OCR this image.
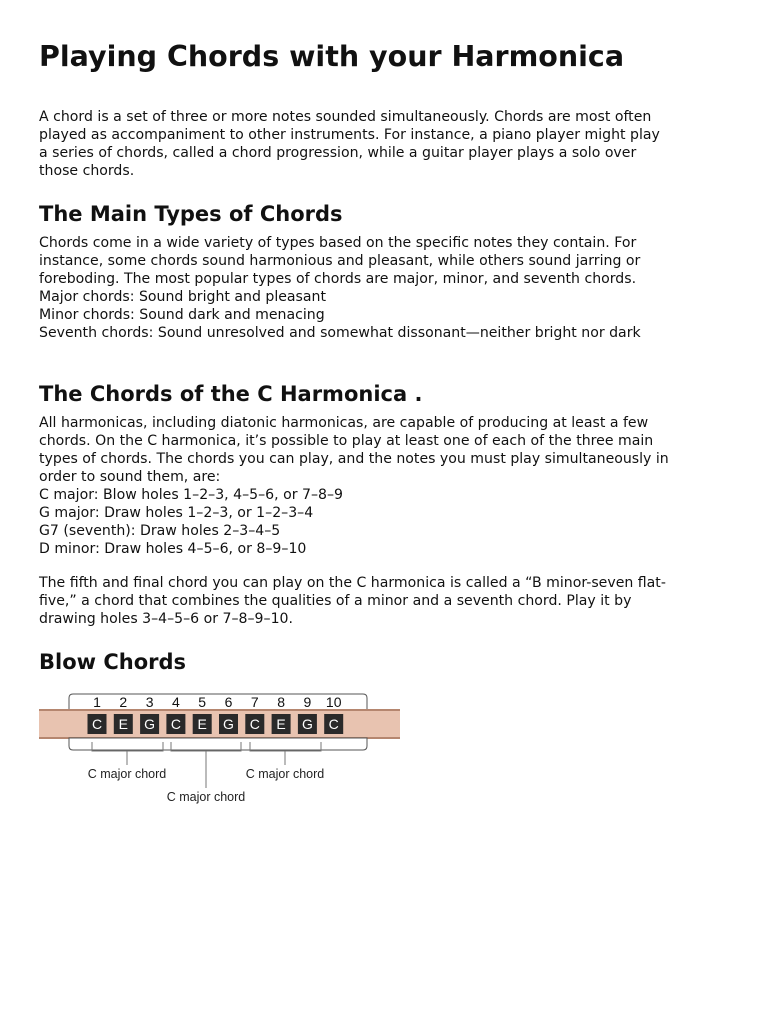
Playing Chords with your Harmonica
A chord is a set of three or more notes sounded simultaneously. Chords are most often
played as accompaniment to other instruments. For instance, a piano player might play
a series of chords, called a chord progression, while a guitar player plays a solo over
those chords.
The Main Types of Chords
Chords come in a wide variety of types based on the specific notes they contain. For
instance, some chords sound harmonious and pleasant, while others sound jarring or
foreboding. The most popular types of chords are major, minor, and seventh chords.
Major chords: Sound bright and pleasant
Minor chords: Sound dark and menacing
Seventh chords: Sound unresolved and somewhat dissonant—neither bright nor dark
The Chords of the C Harmonica .
All harmonicas, including diatonic harmonicas, are capable of producing at least a few
chords. On the C harmonica, it’s possible to play at least one of each of the three main
types of chords. The chords you can play, and the notes you must play simultaneously in
order to sound them, are:
C major: Blow holes 1–2–3, 4–5–6, or 7–8–9
G major: Draw holes 1–2–3, or 1–2–3–4
G7 (seventh): Draw holes 2–3–4–5
D minor: Draw holes 4–5–6, or 8–9–10
The fifth and final chord you can play on the C harmonica is called a “B minor-seven flat-
five,” a chord that combines the qualities of a minor and a seventh chord. Play it by
drawing holes 3–4–5–6 or 7–8–9–10.
Blow Chords
1 2 3 4 5 6 7 8 9 10
C E G C E G C E G C
C major chord
C major chord
C major chord
